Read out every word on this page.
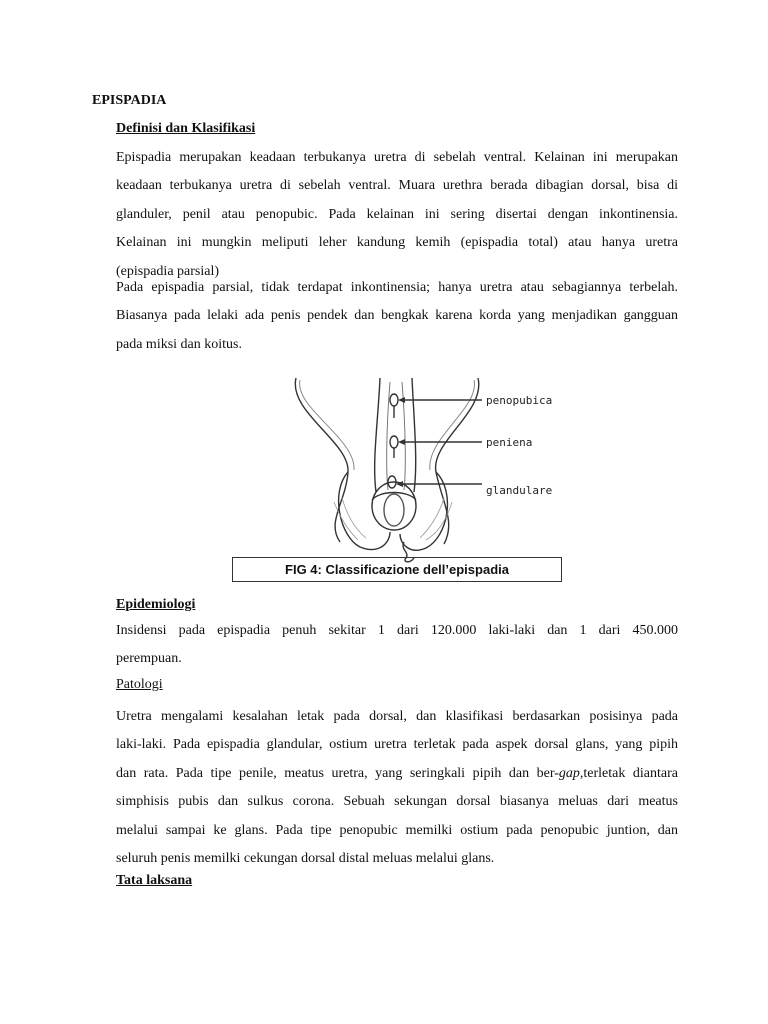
EPISPADIA
Definisi dan Klasifikasi

Epispadia merupakan keadaan terbukanya uretra di sebelah ventral. Kelainan ini merupakan
keadaan terbukanya uretra di sebelah ventral. Muara urethra berada dibagian dorsal, bisa di
glanduler, penil atau penopubic. Pada kelainan ini sering disertai dengan inkontinensia.
Kelainan ini mungkin meliputi leher kandung kemih (epispadia total) atau hanya uretra
(epispadia parsial)

Pada epispadia parsial, tidak terdapat inkontinensia; hanya uretra atau sebagiannya terbelah.
Biasanya pada lelaki ada penis pendek dan bengkak karena korda yang menjadikan gangguan
pada miksi dan koitus.

penopubica
peniena
glandulare
FIG 4: Classificazione dell’epispadia
Epidemiologi

Insidensi pada epispadia penuh sekitar 1 dari 120.000 laki-laki dan 1 dari 450.000
perempuan.

Patologi

Uretra mengalami kesalahan letak pada dorsal, dan klasifikasi berdasarkan posisinya pada
laki-laki. Pada epispadia glandular, ostium uretra terletak pada aspek dorsal glans, yang pipih
dan rata. Pada tipe penile, meatus uretra, yang seringkali pipih dan ber-gap,terletak diantara
simphisis pubis dan sulkus corona. Sebuah sekungan dorsal biasanya meluas dari meatus
melalui sampai ke glans. Pada tipe penopubic memilki ostium pada penopubic juntion, dan
seluruh penis memilki cekungan dorsal distal meluas melalui glans.

Tata laksana
